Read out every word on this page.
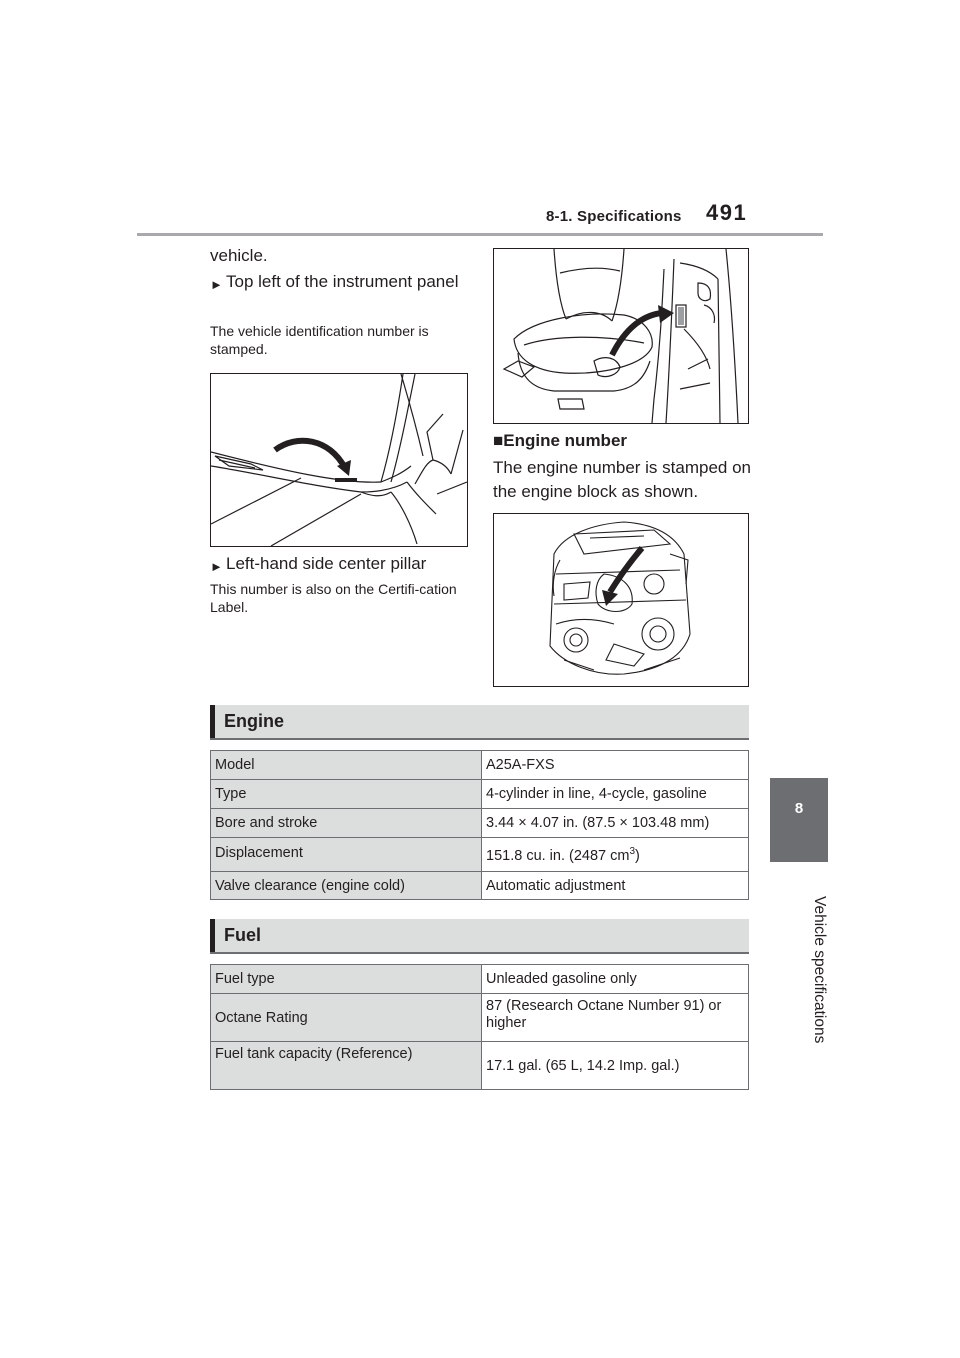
8-1. Specifications 491
8
Vehicle specifications
vehicle.
► Top left of the instrument panel
The vehicle identification number is stamped.
► Left-hand side center pillar
This number is also on the Certifi-cation Label.
■Engine number
The engine number is stamped on the engine block as shown.
Engine
Model	A25A-FXS
Type	4-cylinder in line, 4-cycle, gasoline
Bore and stroke	3.44 × 4.07 in. (87.5 × 103.48 mm)
Displacement	151.8 cu. in. (2487 $cm^3$)
Valve clearance (engine cold)	Automatic adjustment
Fuel
Fuel type	Unleaded gasoline only
Octane Rating	87 (Research Octane Number 91) or higher
Fuel tank capacity (Reference)	17.1 gal. (65 L, 14.2 Imp. gal.)
